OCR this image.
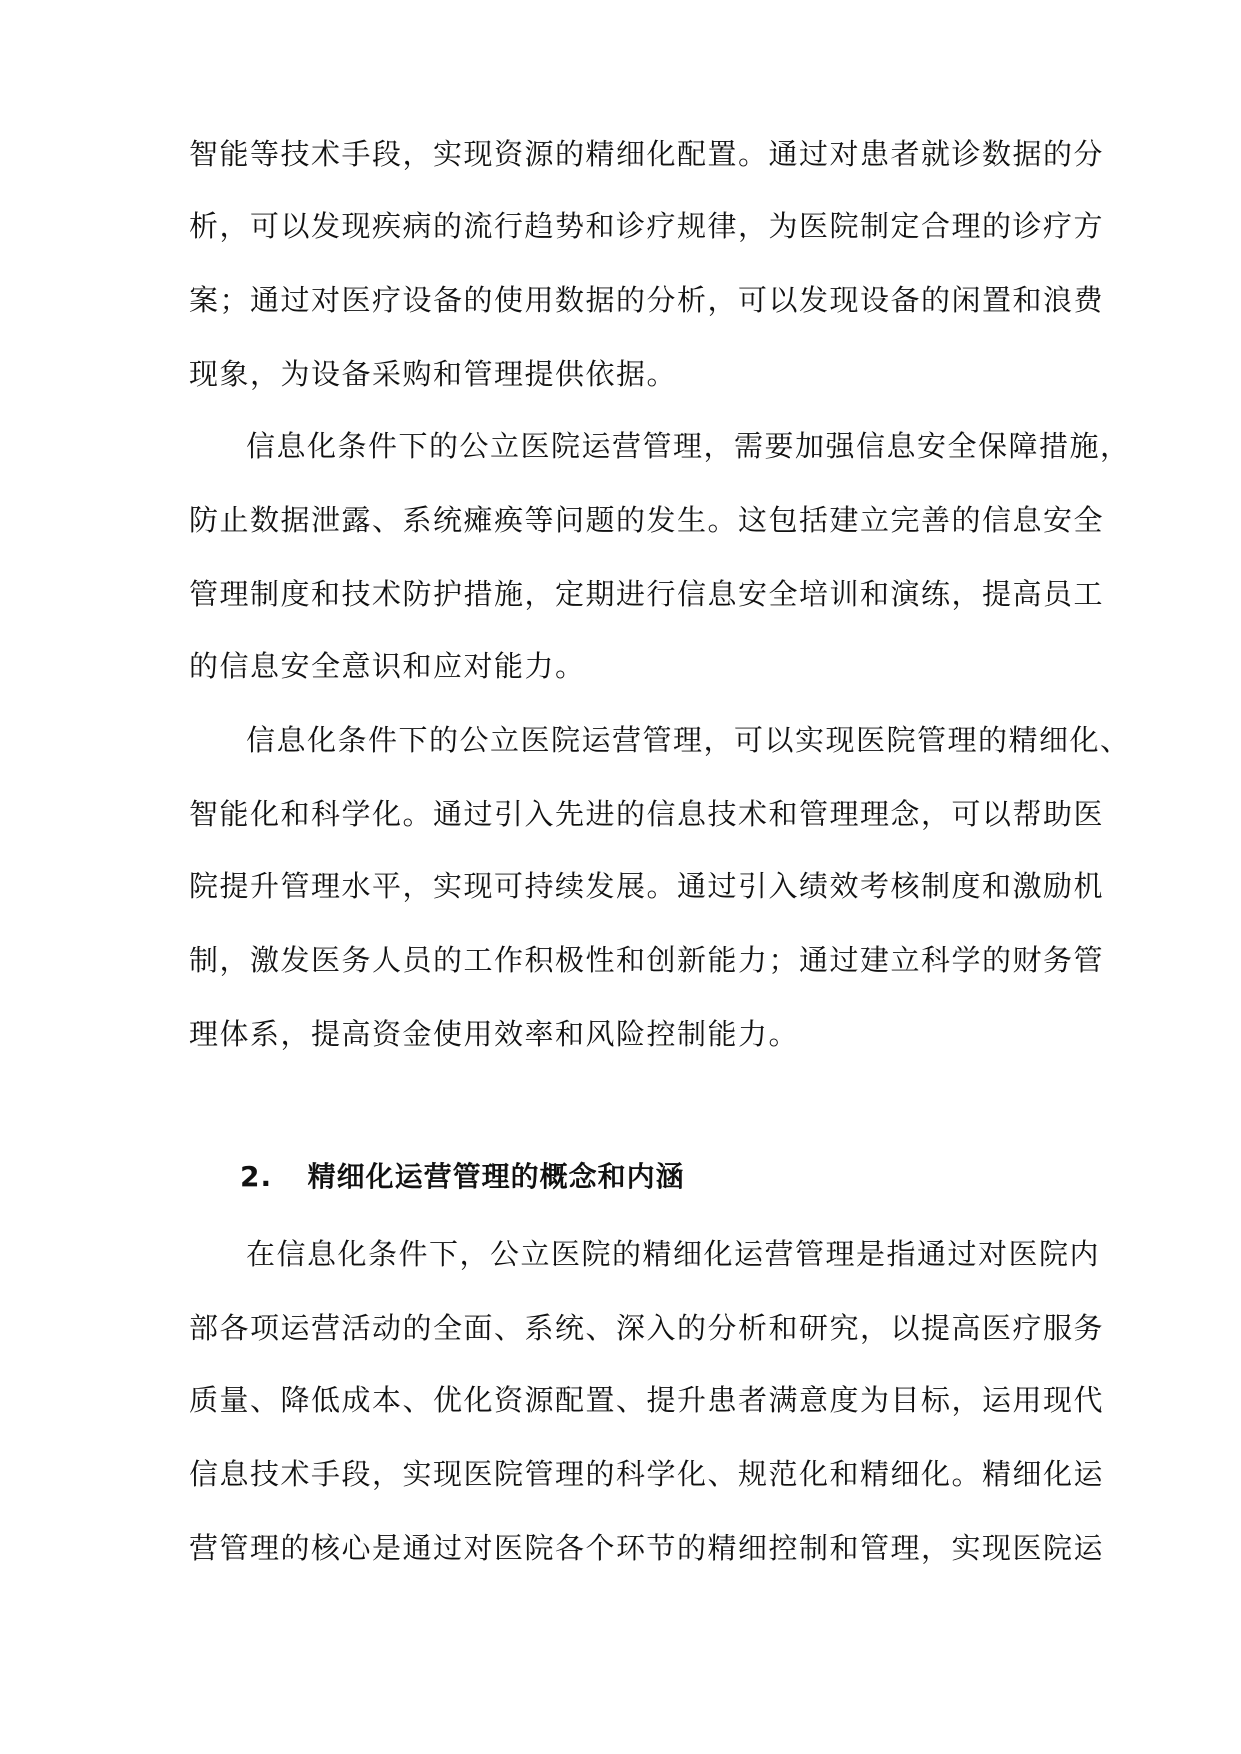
智能等技术手段，实现资源的精细化配置。通过对患者就诊数据的分
析，可以发现疾病的流行趋势和诊疗规律，为医院制定合理的诊疗方
案；通过对医疗设备的使用数据的分析，可以发现设备的闲置和浪费
现象，为设备采购和管理提供依据。
信息化条件下的公立医院运营管理，需要加强信息安全保障措施，
防止数据泄露、系统瘫痪等问题的发生。这包括建立完善的信息安全
管理制度和技术防护措施，定期进行信息安全培训和演练，提高员工
的信息安全意识和应对能力。
信息化条件下的公立医院运营管理，可以实现医院管理的精细化、
智能化和科学化。通过引入先进的信息技术和管理理念，可以帮助医
院提升管理水平，实现可持续发展。通过引入绩效考核制度和激励机
制，激发医务人员的工作积极性和创新能力；通过建立科学的财务管
理体系，提高资金使用效率和风险控制能力。
2. 精细化运营管理的概念和内涵
在信息化条件下，公立医院的精细化运营管理是指通过对医院内
部各项运营活动的全面、系统、深入的分析和研究，以提高医疗服务
质量、降低成本、优化资源配置、提升患者满意度为目标，运用现代
信息技术手段，实现医院管理的科学化、规范化和精细化。精细化运
营管理的核心是通过对医院各个环节的精细控制和管理，实现医院运
